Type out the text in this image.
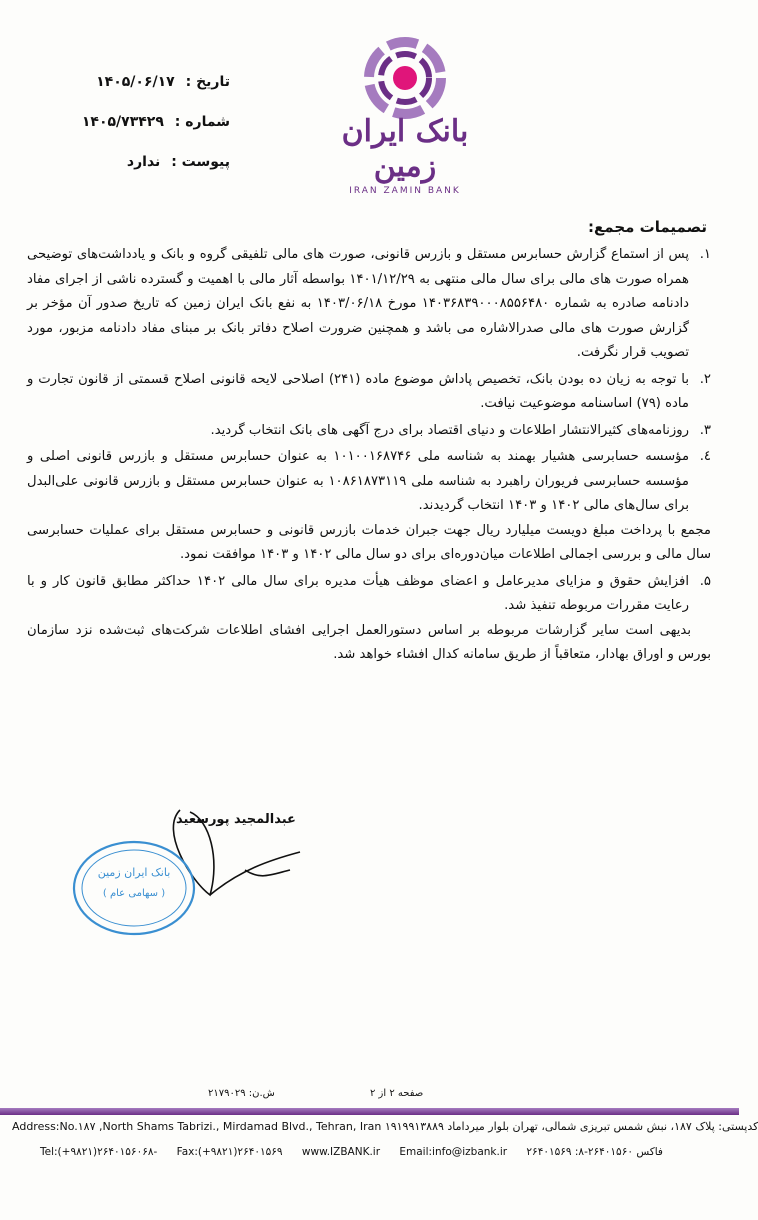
تاریخ : ۱۴۰۵/۰۶/۱۷
شماره : ۱۴۰۵/۷۳۴۲۹
پیوست : ندارد
بانک ایران زمین
IRAN ZAMIN BANK
تصمیمات مجمع:
۱.

پس از استماع گزارش حسابرس مستقل و بازرس قانونی، صورت های مالی تلفیقی گروه و بانک و یادداشت‌های توضیحی همراه صورت های مالی برای سال مالی منتهی به ۱۴۰۱/۱۲/۲۹ بواسطه آثار مالی با اهمیت و گسترده ناشی از اجرای مفاد دادنامه صادره به شماره ۱۴۰۳۶۸۳۹۰۰۰۸۵۵۶۴۸۰ مورخ ۱۴۰۳/۰۶/۱۸ به نفع بانک ایران زمین که تاریخ صدور آن مؤخر بر گزارش صورت های مالی صدرالاشاره می باشد و همچنین ضرورت اصلاح دفاتر بانک بر مبنای مفاد دادنامه مزبور، مورد تصویب قرار نگرفت.

۲.

با توجه به زیان ده بودن بانک، تخصیص پاداش موضوع ماده (۲۴۱) اصلاحی لایحه قانونی اصلاح قسمتی از قانون تجارت و ماده (۷۹) اساسنامه موضوعیت نیافت.

۳.

روزنامه‌های کثیرالانتشار اطلاعات و دنیای اقتصاد برای درج آگهی های بانک انتخاب گردید.

٤.

مؤسسه حسابرسی هشیار بهمند به شناسه ملی ۱۰۱۰۰۱۶۸۷۴۶ به عنوان حسابرس مستقل و بازرس قانونی اصلی و مؤسسه حسابرسی فریوران راهبرد به شناسه ملی ۱۰۸۶۱۸۷۳۱۱۹ به عنوان حسابرس مستقل و بازرس قانونی علی‌البدل برای سال‌های مالی ۱۴۰۲ و ۱۴۰۳ انتخاب گردیدند.

مجمع با پرداخت مبلغ دویست میلیارد ریال جهت جبران خدمات بازرس قانونی و حسابرس مستقل برای عملیات حسابرسی سال مالی و بررسی اجمالی اطلاعات میان‌دوره‌ای برای دو سال مالی ۱۴۰۲ و ۱۴۰۳ موافقت نمود.

۵.

افزایش حقوق و مزایای مدیرعامل و اعضای موظف هیأت مدیره برای سال مالی ۱۴۰۲ حداکثر مطابق قانون کار و با رعایت مقررات مربوطه تنفیذ شد.

بدیهی است سایر گزارشات مربوطه بر اساس دستورالعمل اجرایی افشای اطلاعات شرکت‌های ثبت‌شده نزد سازمان بورس و اوراق بهادار، متعاقباً از طریق سامانه کدال افشاء خواهد شد.

عبدالمجید پورسعید
بانک ایران زمین
( سهامی عام )
صفحه ۲ از ۲
ش.ن: ۲۱۷۹۰۲۹
Address:No.۱۸۷ ,North Shams Tabrizi., Mirdamad Blvd., Tehran, Iran ۱۹۱۹۹۱۳۸۸۹ کدپستی: پلاک ۱۸۷، نبش شمس تبریزی شمالی، تهران بلوار میرداماد
Tel:(+۹۸۲۱)۲۶۴۰۱۵۶۰۶۸- Fax:(+۹۸۲۱)۲۶۴۰۱۵۶۹ www.IZBANK.ir Email:info@izbank.ir ۲۶۴۰۱۵۶۹ :فاکس ۲۶۴۰۱۵۶۰-۸
